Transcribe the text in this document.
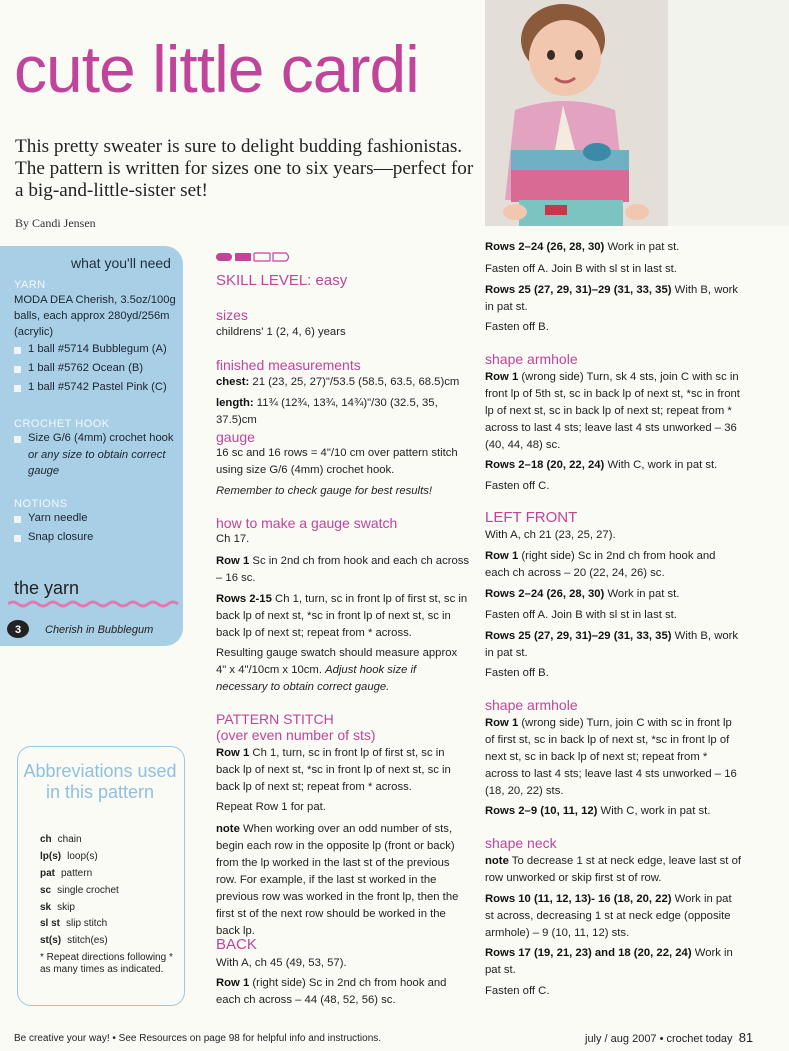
cute little cardi
This pretty sweater is sure to delight budding fashionistas. The pattern is written for sizes one to six years—perfect for a big-and-little-sister set!
By Candi Jensen
what you'll need
YARN
MODA DEA Cherish, 3.5oz/100g balls, each approx 280yd/256m (acrylic)
1 ball #5714 Bubblegum (A)
1 ball #5762 Ocean (B)
1 ball #5742 Pastel Pink (C)
CROCHET HOOK
Size G/6 (4mm) crochet hook
or any size to obtain correct gauge
NOTIONS
Yarn needle
Snap closure
the yarn
3 Cherish in Bubblegum
Abbreviations used in this pattern
ch chain
lp(s) loop(s)
pat pattern
sc single crochet
sk skip
sl st slip stitch
st(s) stitch(es)
* Repeat directions following * as many times as indicated.
SKILL LEVEL: easy
sizes
childrens' 1 (2, 4, 6) years
finished measurements
chest: 21 (23, 25, 27)"/53.5 (58.5, 63.5, 68.5)cm
length: 11¾ (12¾, 13¾, 14¾)"/30 (32.5, 35, 37.5)cm
gauge
16 sc and 16 rows = 4"/10 cm over pattern stitch using size G/6 (4mm) crochet hook.
Remember to check gauge for best results!
how to make a gauge swatch
Ch 17.
Row 1 Sc in 2nd ch from hook and each ch across – 16 sc.
Rows 2-15 Ch 1, turn, sc in front lp of first st, sc in back lp of next st, *sc in front lp of next st, sc in back lp of next st; repeat from * across.
Resulting gauge swatch should measure approx 4" x 4"/10cm x 10cm. Adjust hook size if necessary to obtain correct gauge.
PATTERN STITCH
(over even number of sts)
Row 1 Ch 1, turn, sc in front lp of first st, sc in back lp of next st, *sc in front lp of next st, sc in back lp of next st; repeat from * across.
Repeat Row 1 for pat.
note When working over an odd number of sts, begin each row in the opposite lp (front or back) from the lp worked in the last st of the previous row. For example, if the last st worked in the previous row was worked in the front lp, then the first st of the next row should be worked in the back lp.
BACK
With A, ch 45 (49, 53, 57).
Row 1 (right side) Sc in 2nd ch from hook and each ch across – 44 (48, 52, 56) sc.
Rows 2–24 (26, 28, 30) Work in pat st.
Fasten off A. Join B with sl st in last st.
Rows 25 (27, 29, 31)–29 (31, 33, 35) With B, work in pat st.
Fasten off B.
shape armhole
Row 1 (wrong side) Turn, sk 4 sts, join C with sc in front lp of 5th st, sc in back lp of next st, *sc in front lp of next st, sc in back lp of next st; repeat from * across to last 4 sts; leave last 4 sts unworked – 36 (40, 44, 48) sc.
Rows 2–18 (20, 22, 24) With C, work in pat st.
Fasten off C.
LEFT FRONT
With A, ch 21 (23, 25, 27).
Row 1 (right side) Sc in 2nd ch from hook and each ch across – 20 (22, 24, 26) sc.
Rows 2–24 (26, 28, 30) Work in pat st.
Fasten off A. Join B with sl st in last st.
Rows 25 (27, 29, 31)–29 (31, 33, 35) With B, work in pat st.
Fasten off B.
shape armhole
Row 1 (wrong side) Turn, join C with sc in front lp of first st, sc in back lp of next st, *sc in front lp of next st, sc in back lp of next st; repeat from * across to last 4 sts; leave last 4 sts unworked – 16 (18, 20, 22) sts.
Rows 2–9 (10, 11, 12) With C, work in pat st.
shape neck
note To decrease 1 st at neck edge, leave last st of row unworked or skip first st of row.
Rows 10 (11, 12, 13)- 16 (18, 20, 22) Work in pat st across, decreasing 1 st at neck edge (opposite armhole) – 9 (10, 11, 12) sts.
Rows 17 (19, 21, 23) and 18 (20, 22, 24) Work in pat st.
Fasten off C.
Be creative your way! • See Resources on page 98 for helpful info and instructions.	july / aug 2007 • crochet today 81
